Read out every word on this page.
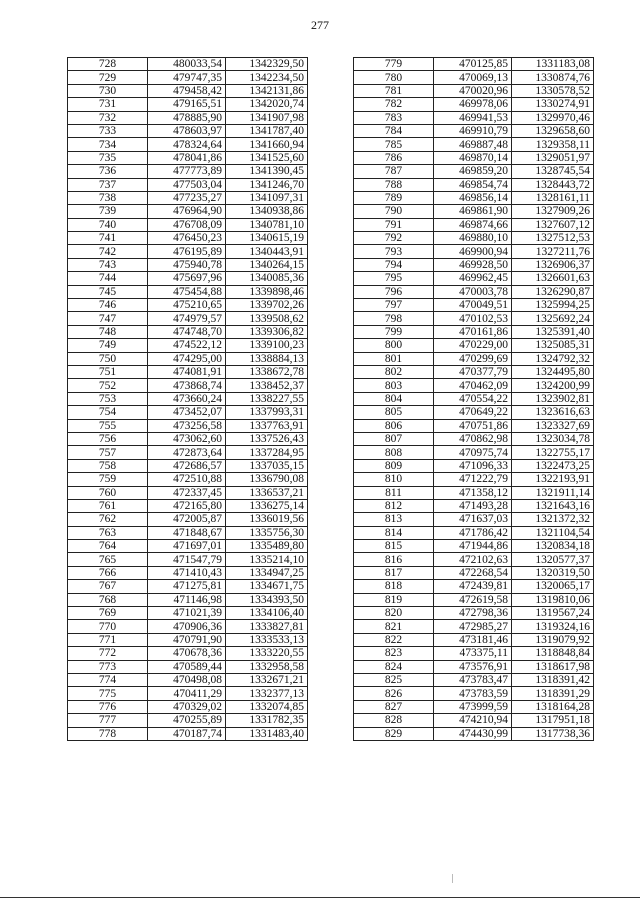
277
728	480033,54	1342329,50
729	479747,35	1342234,50
730	479458,42	1342131,86
731	479165,51	1342020,74
732	478885,90	1341907,98
733	478603,97	1341787,40
734	478324,64	1341660,94
735	478041,86	1341525,60
736	477773,89	1341390,45
737	477503,04	1341246,70
738	477235,27	1341097,31
739	476964,90	1340938,86
740	476708,09	1340781,10
741	476450,23	1340615,19
742	476195,89	1340443,91
743	475940,78	1340264,15
744	475697,96	1340085,36
745	475454,88	1339898,46
746	475210,65	1339702,26
747	474979,57	1339508,62
748	474748,70	1339306,82
749	474522,12	1339100,23
750	474295,00	1338884,13
751	474081,91	1338672,78
752	473868,74	1338452,37
753	473660,24	1338227,55
754	473452,07	1337993,31
755	473256,58	1337763,91
756	473062,60	1337526,43
757	472873,64	1337284,95
758	472686,57	1337035,15
759	472510,88	1336790,08
760	472337,45	1336537,21
761	472165,80	1336275,14
762	472005,87	1336019,56
763	471848,67	1335756,30
764	471697,01	1335489,80
765	471547,79	1335214,10
766	471410,43	1334947,25
767	471275,81	1334671,75
768	471146,98	1334393,50
769	471021,39	1334106,40
770	470906,36	1333827,81
771	470791,90	1333533,13
772	470678,36	1333220,55
773	470589,44	1332958,58
774	470498,08	1332671,21
775	470411,29	1332377,13
776	470329,02	1332074,85
777	470255,89	1331782,35
778	470187,74	1331483,40
779	470125,85	1331183,08
780	470069,13	1330874,76
781	470020,96	1330578,52
782	469978,06	1330274,91
783	469941,53	1329970,46
784	469910,79	1329658,60
785	469887,48	1329358,11
786	469870,14	1329051,97
787	469859,20	1328745,54
788	469854,74	1328443,72
789	469856,14	1328161,11
790	469861,90	1327909,26
791	469874,66	1327607,12
792	469880,10	1327512,53
793	469900,94	1327211,76
794	469928,50	1326906,37
795	469962,45	1326601,63
796	470003,78	1326290,87
797	470049,51	1325994,25
798	470102,53	1325692,24
799	470161,86	1325391,40
800	470229,00	1325085,31
801	470299,69	1324792,32
802	470377,79	1324495,80
803	470462,09	1324200,99
804	470554,22	1323902,81
805	470649,22	1323616,63
806	470751,86	1323327,69
807	470862,98	1323034,78
808	470975,74	1322755,17
809	471096,33	1322473,25
810	471222,79	1322193,91
811	471358,12	1321911,14
812	471493,28	1321643,16
813	471637,03	1321372,32
814	471786,42	1321104,54
815	471944,86	1320834,18
816	472102,63	1320577,37
817	472268,54	1320319,50
818	472439,81	1320065,17
819	472619,58	1319810,06
820	472798,36	1319567,24
821	472985,27	1319324,16
822	473181,46	1319079,92
823	473375,11	1318848,84
824	473576,91	1318617,98
825	473783,47	1318391,42
826	473783,59	1318391,29
827	473999,59	1318164,28
828	474210,94	1317951,18
829	474430,99	1317738,36
